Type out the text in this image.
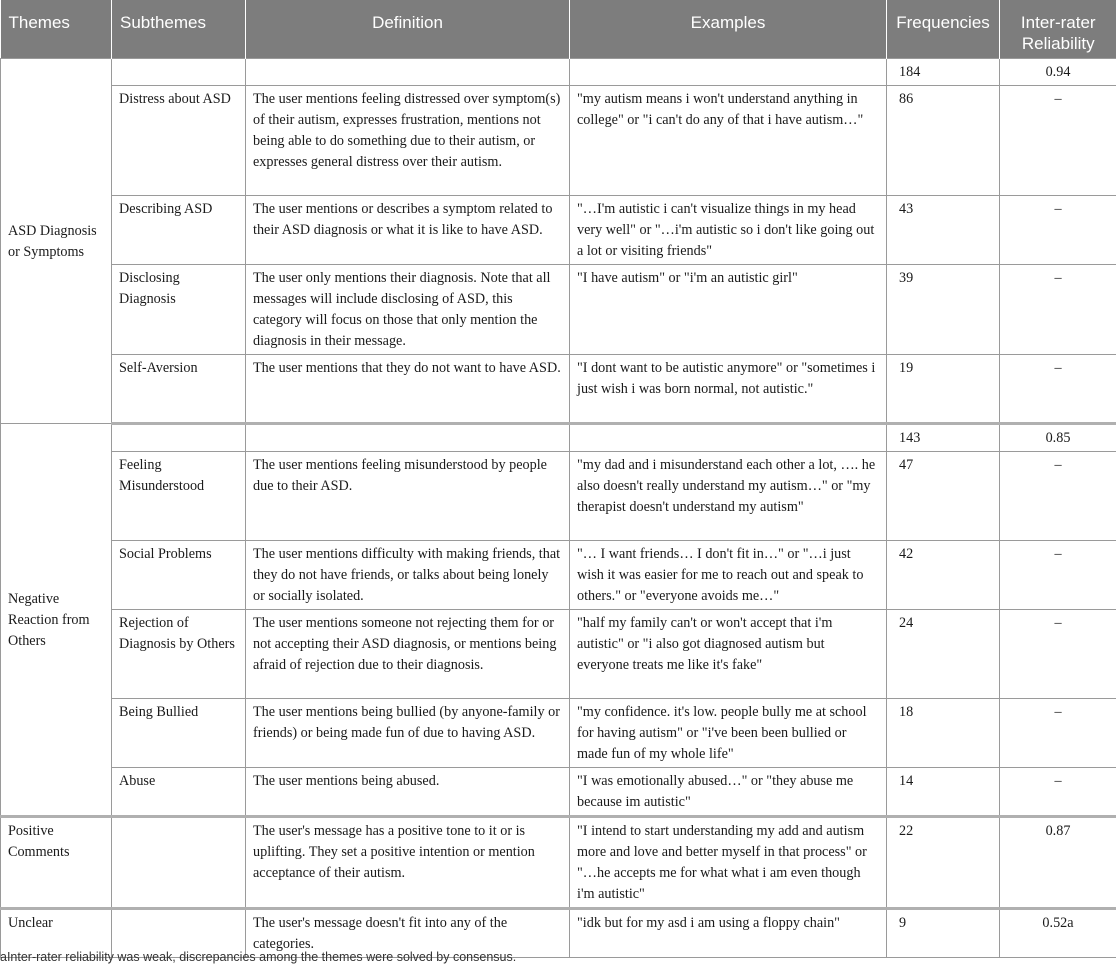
Themes	Subthemes	Definition	Examples	Frequencies	Inter-rater
Reliability
ASD Diagnosis or Symptoms				184	0.94
	Distress about ASD	The user mentions feeling distressed over symptom(s) of their autism, expresses frustration, mentions not being able to do something due to their autism, or expresses general distress over their autism.	"my autism means i won't understand anything in college" or "i can't do any of that i have autism…"	86	–
	Describing ASD	The user mentions or describes a symptom related to their ASD diagnosis or what it is like to have ASD.	"…I'm autistic i can't visualize things in my head very well" or "…i'm autistic so i don't like going out a lot or visiting friends"	43	–
	Disclosing Diagnosis	The user only mentions their diagnosis. Note that all messages will include disclosing of ASD, this category will focus on those that only mention the diagnosis in their message.	"I have autism" or "i'm an autistic girl"	39	–
	Self-Aversion	The user mentions that they do not want to have ASD.	"I dont want to be autistic anymore" or "sometimes i just wish i was born normal, not autistic."	19	–
Negative Reaction from Others				143	0.85
	Feeling Misunderstood	The user mentions feeling misunderstood by people due to their ASD.	"my dad and i misunderstand each other a lot, …. he also doesn't really understand my autism…" or "my therapist doesn't understand my autism"	47	–
	Social Problems	The user mentions difficulty with making friends, that they do not have friends, or talks about being lonely or socially isolated.	"… I want friends… I don't fit in…" or "…i just wish it was easier for me to reach out and speak to others." or "everyone avoids me…"	42	–
	Rejection of Diagnosis by Others	The user mentions someone not rejecting them for or not accepting their ASD diagnosis, or mentions being afraid of rejection due to their diagnosis.	"half my family can't or won't accept that i'm autistic" or "i also got diagnosed autism but everyone treats me like it's fake"	24	–
	Being Bullied	The user mentions being bullied (by anyone-family or friends) or being made fun of due to having ASD.	"my confidence. it's low. people bully me at school for having autism" or "i've been been bullied or made fun of my whole life"	18	–
	Abuse	The user mentions being abused.	"I was emotionally abused…" or "they abuse me because im autistic"	14	–
Positive Comments		The user's message has a positive tone to it or is uplifting. They set a positive intention or mention acceptance of their autism.	"I intend to start understanding my add and autism more and love and better myself in that process" or "…he accepts me for what what i am even though i'm autistic"	22	0.87
Unclear		The user's message doesn't fit into any of the categories.	"idk but for my asd i am using a floppy chain"	9	0.52a
aInter-rater reliability was weak, discrepancies among the themes were solved by consensus.
